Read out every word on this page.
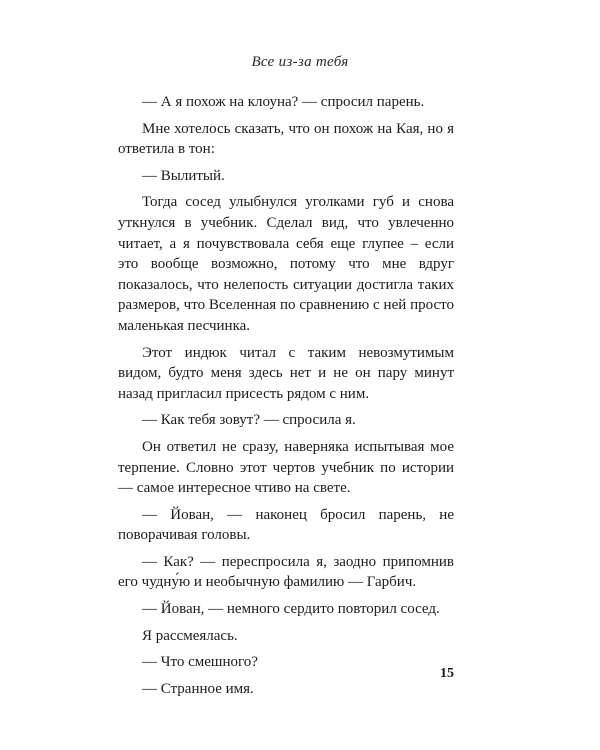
Все из-за тебя

— А я похож на клоуна? — спросил парень.

Мне хотелось сказать, что он похож на Кая, но я ответила в тон:

— Вылитый.

Тогда сосед улыбнулся уголками губ и снова уткнулся в учебник. Сделал вид, что увлеченно читает, а я почувствовала себя еще глупее – если это вообще возможно, потому что мне вдруг показалось, что нелепость ситуации достигла таких размеров, что Вселенная по сравнению с ней просто маленькая песчинка.

Этот индюк читал с таким невозмутимым видом, будто меня здесь нет и не он пару минут назад пригласил присесть рядом с ним.

— Как тебя зовут? — спросила я.

Он ответил не сразу, наверняка испытывая мое терпение. Словно этот чертов учебник по истории — самое интересное чтиво на свете.

— Йован, — наконец бросил парень, не поворачивая головы.

— Как? — переспросила я, заодно припомнив его чудну́ю и необычную фамилию — Гарбич.

— Йован, — немного сердито повторил сосед.

Я рассмеялась.

— Что смешного?

— Странное имя.

15
